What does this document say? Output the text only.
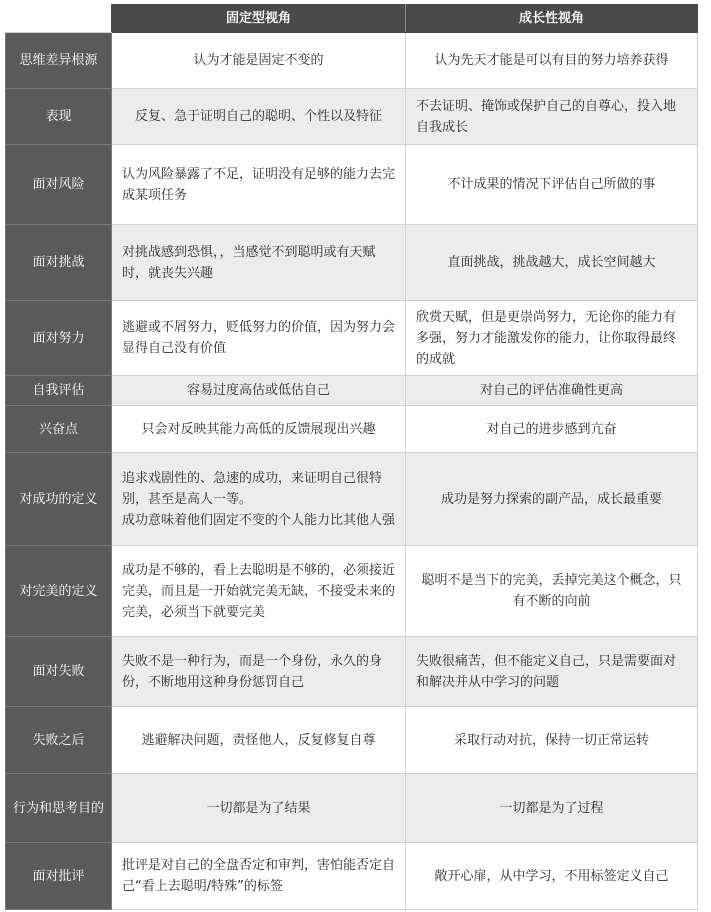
	固定型视角	成长性视角
思维差异根源	认为才能是固定不变的	认为先天才能是可以有目的努力培养获得

表现	反复、急于证明自己的聪明、个性以及特征	不去证明、掩饰或保护自己的自尊心，投入地自我成长

面对风险	认为风险暴露了不足，证明没有足够的能力去完成某项任务	不计成果的情况下评估自己所做的事

面对挑战	对挑战感到恐惧，，当感觉不到聪明或有天赋时，就丧失兴趣	直面挑战，挑战越大，成长空间越大

面对努力	逃避或不屑努力，贬低努力的价值，因为努力会显得自己没有价值	欣赏天赋，但是更崇尚努力，无论你的能力有多强，努力才能激发你的能力，让你取得最终的成就

自我评估	容易过度高估或低估自己	对自己的评估准确性更高

兴奋点	只会对反映其能力高低的反馈展现出兴趣	对自己的进步感到亢奋

对成功的定义	追求戏剧性的、急速的成功，来证明自己很特别，甚至是高人一等。
成功意味着他们固定不变的个人能力比其他人强	成功是努力探索的副产品，成长最重要

对完美的定义	成功是不够的，看上去聪明是不够的，必须接近完美，而且是一开始就完美无缺，不接受未来的完美，必须当下就要完美	聪明不是当下的完美，丢掉完美这个概念，只有不断的向前

面对失败	失败不是一种行为，而是一个身份，永久的身份，不断地用这种身份惩罚自己	失败很痛苦，但不能定义自己，只是需要面对和解决并从中学习的问题

失败之后	逃避解决问题，责怪他人，反复修复自尊	采取行动对抗，保持一切正常运转

行为和思考目的	一切都是为了结果	一切都是为了过程

面对批评	批评是对自己的全盘否定和审判，害怕能否定自己“看上去聪明/特殊”的标签	敞开心扉，从中学习，不用标签定义自己
